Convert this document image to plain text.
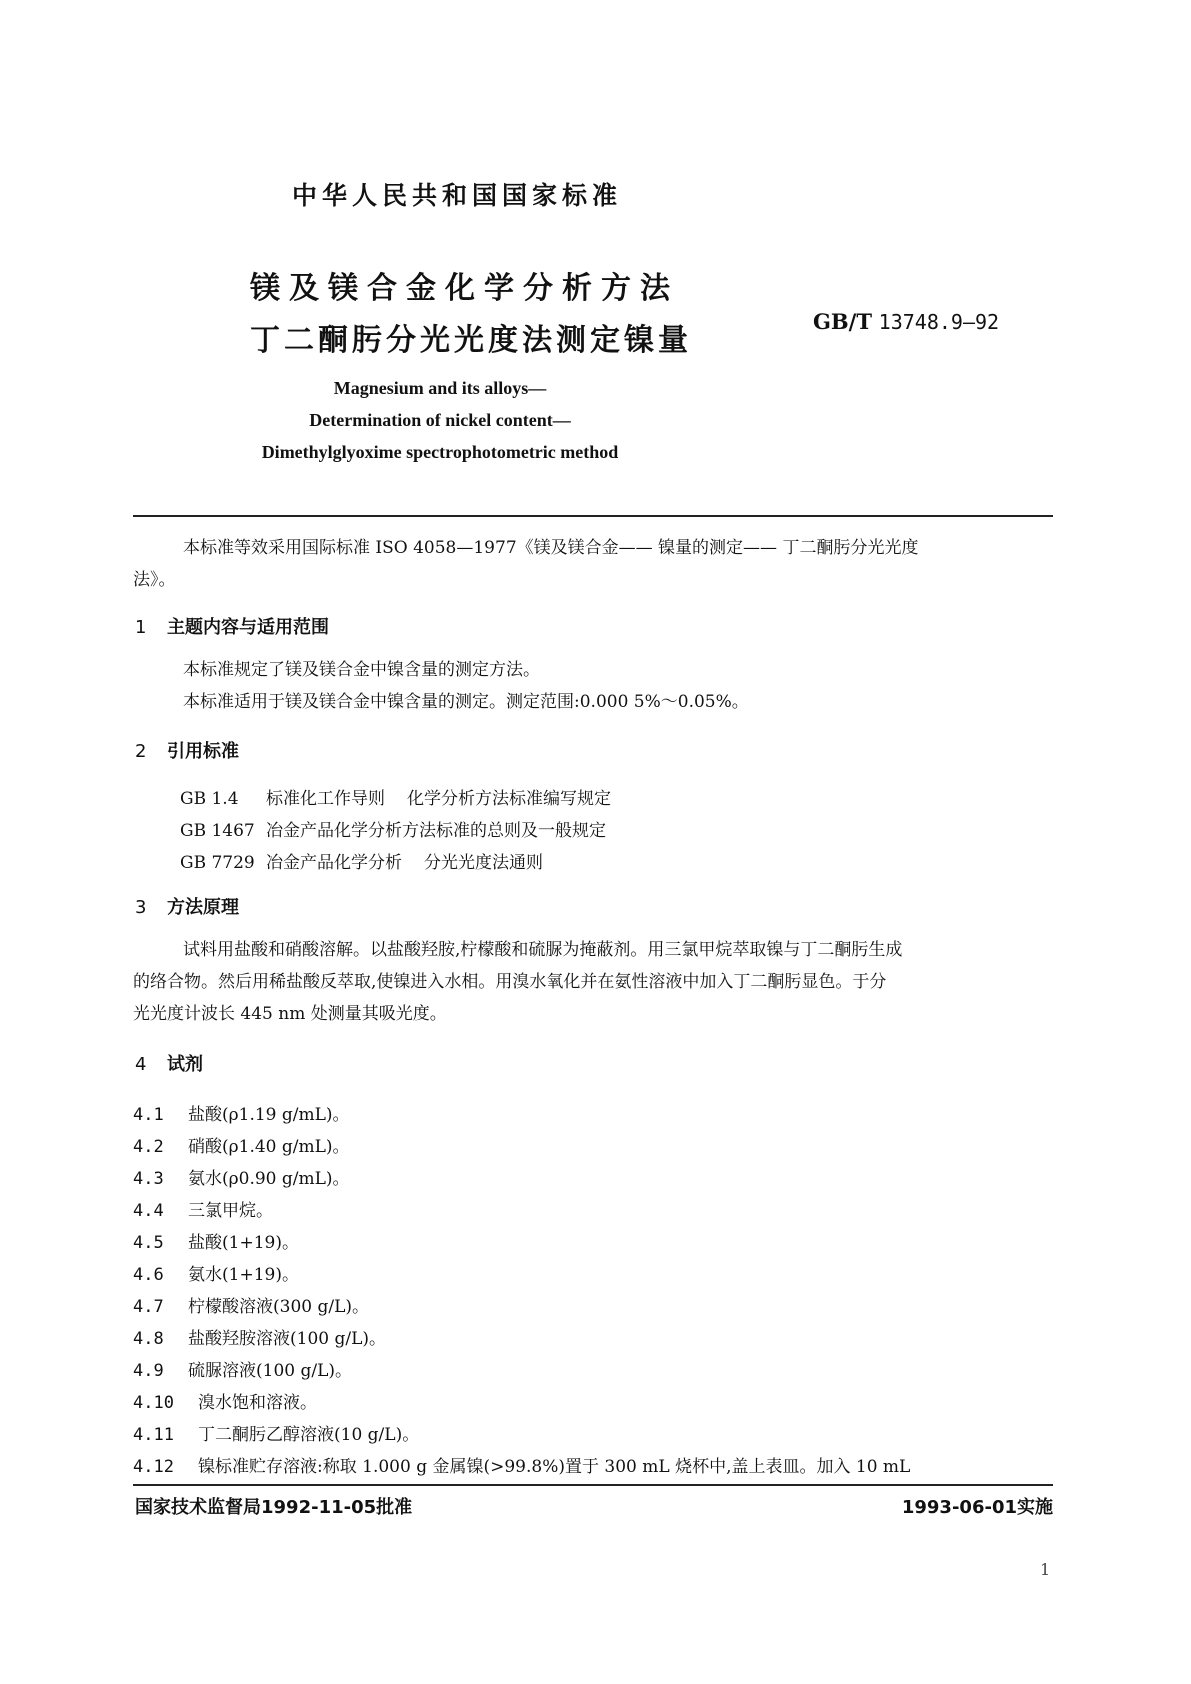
中华人民共和国国家标准
镁及镁合金化学分析方法
丁二酮肟分光光度法测定镍量
GB/T 13748.9—92
Magnesium and its alloys—
Determination of nickel content—
Dimethylglyoxime spectrophotometric method
本标准等效采用国际标准 ISO 4058—1977《镁及镁合金—— 镍量的测定—— 丁二酮肟分光光度
法》。
1 主题内容与适用范围
本标准规定了镁及镁合金中镍含量的测定方法。
本标准适用于镁及镁合金中镍含量的测定。测定范围:0.000 5%～0.05%。
2 引用标准
GB 1.4 标准化工作导则 化学分析方法标准编写规定
GB 1467 冶金产品化学分析方法标准的总则及一般规定
GB 7729 冶金产品化学分析 分光光度法通则
3 方法原理
试料用盐酸和硝酸溶解。以盐酸羟胺,柠檬酸和硫脲为掩蔽剂。用三氯甲烷萃取镍与丁二酮肟生成
的络合物。然后用稀盐酸反萃取,使镍进入水相。用溴水氧化并在氨性溶液中加入丁二酮肟显色。于分
光光度计波长 445 nm 处测量其吸光度。
4 试剂
4.1 盐酸(ρ1.19 g/mL)。
4.2 硝酸(ρ1.40 g/mL)。
4.3 氨水(ρ0.90 g/mL)。
4.4 三氯甲烷。
4.5 盐酸(1+19)。
4.6 氨水(1+19)。
4.7 柠檬酸溶液(300 g/L)。
4.8 盐酸羟胺溶液(100 g/L)。
4.9 硫脲溶液(100 g/L)。
4.10 溴水饱和溶液。
4.11 丁二酮肟乙醇溶液(10 g/L)。
4.12 镍标准贮存溶液:称取 1.000 g 金属镍(>99.8%)置于 300 mL 烧杯中,盖上表皿。加入 10 mL
国家技术监督局1992-11-05批准	1993-06-01实施
1
